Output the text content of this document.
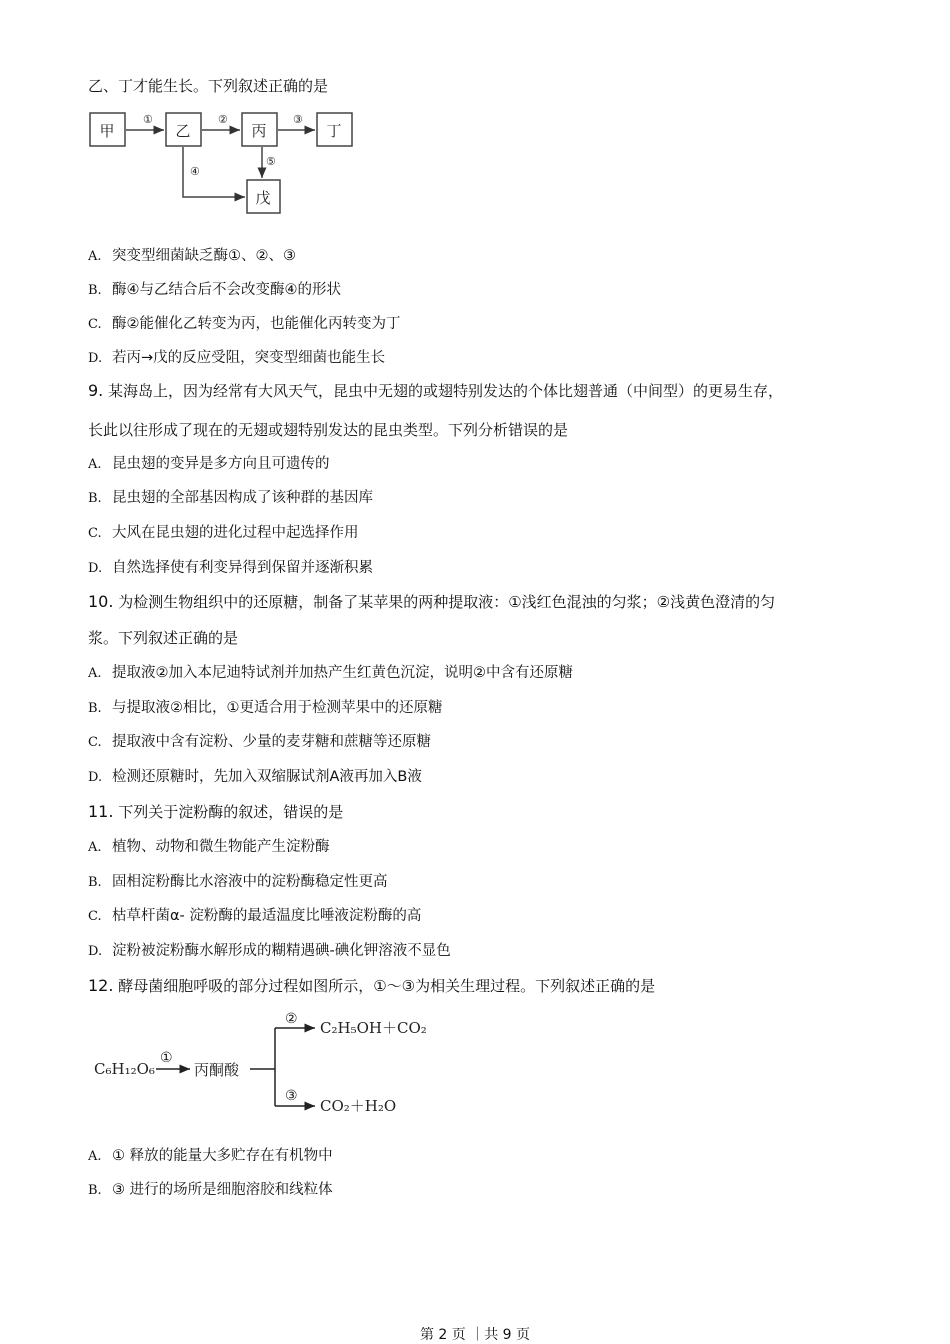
乙、丁才能生长。下列叙述正确的是
甲	乙	丙	丁
戊
①	②	③
④
⑤
A. 突变型细菌缺乏酶①、②、③
B. 酶④与乙结合后不会改变酶④的形状
C. 酶②能催化乙转变为丙，也能催化丙转变为丁
D. 若丙→戊的反应受阻，突变型细菌也能生长
9. 某海岛上，因为经常有大风天气，昆虫中无翅的或翅特别发达的个体比翅普通（中间型）的更易生存，
长此以往形成了现在的无翅或翅特别发达的昆虫类型。下列分析错误的是
A. 昆虫翅的变异是多方向且可遗传的
B. 昆虫翅的全部基因构成了该种群的基因库
C. 大风在昆虫翅的进化过程中起选择作用
D. 自然选择使有利变异得到保留并逐渐积累
10. 为检测生物组织中的还原糖，制备了某苹果的两种提取液：①浅红色混浊的匀浆；②浅黄色澄清的匀
浆。下列叙述正确的是
A. 提取液②加入本尼迪特试剂并加热产生红黄色沉淀，说明②中含有还原糖
B. 与提取液②相比，①更适合用于检测苹果中的还原糖
C. 提取液中含有淀粉、少量的麦芽糖和蔗糖等还原糖
D. 检测还原糖时，先加入双缩脲试剂A液再加入B液
11. 下列关于淀粉酶的叙述，错误的是
A. 植物、动物和微生物能产生淀粉酶
B. 固相淀粉酶比水溶液中的淀粉酶稳定性更高
C. 枯草杆菌α- 淀粉酶的最适温度比唾液淀粉酶的高
D. 淀粉被淀粉酶水解形成的糊精遇碘-碘化钾溶液不显色
12. 酵母菌细胞呼吸的部分过程如图所示，①～③为相关生理过程。下列叙述正确的是
C₆H₁₂O₆
①
丙酮酸
② C₂H₅OH＋CO₂
③
CO₂＋H₂O
A. ① 释放的能量大多贮存在有机物中
B. ③ 进行的场所是细胞溶胶和线粒体
第 2 页 ｜共 9 页
